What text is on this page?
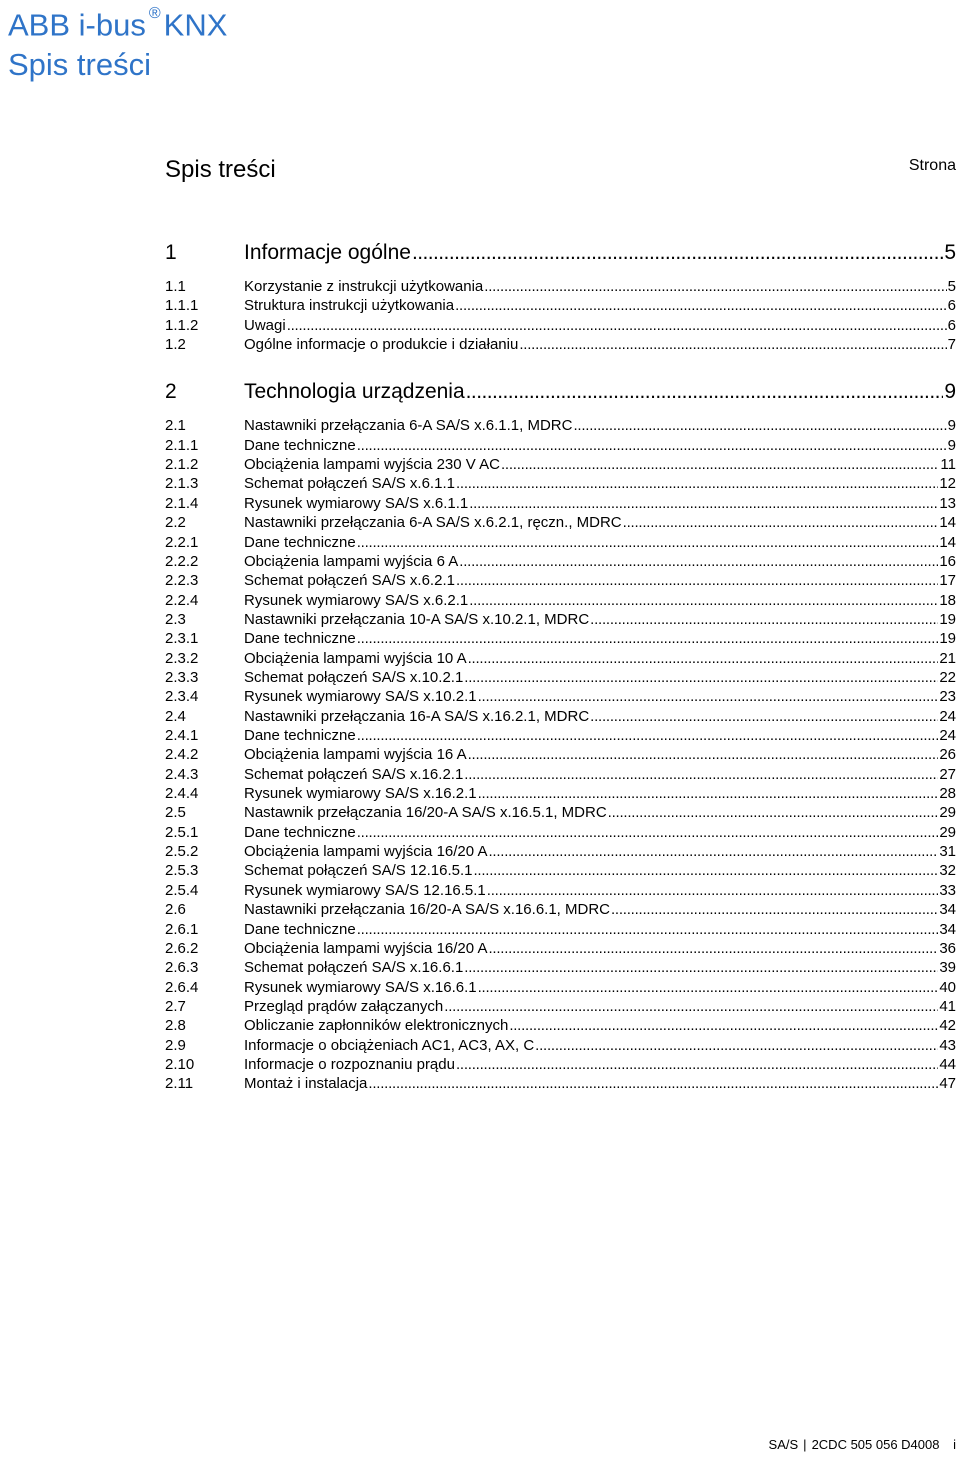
ABB i-bus ®KNX
Spis treści
Spis treści	Strona
1	Informacje ogólne . . .	5
1.1	Korzystanie z instrukcji użytkowania . . .	5
1.1.1	Struktura instrukcji użytkowania . . .	6
1.1.2	Uwagi . . .	6
1.2	Ogólne informacje o produkcie i działaniu . . .	7
2	Technologia urządzenia . . .	9
2.1	Nastawniki przełączania 6-A SA/S x.6.1.1, MDRC . . .	9
2.1.1	Dane techniczne . . .	9
2.1.2	Obciążenia lampami wyjścia 230 V AC . . .	11
2.1.3	Schemat połączeń SA/S x.6.1.1 . . .	12
2.1.4	Rysunek wymiarowy SA/S x.6.1.1 . . .	13
2.2	Nastawniki przełączania 6-A SA/S x.6.2.1, ręczn., MDRC . . .	14
2.2.1	Dane techniczne . . .	14
2.2.2	Obciążenia lampami wyjścia 6 A . . .	16
2.2.3	Schemat połączeń SA/S x.6.2.1 . . .	17
2.2.4	Rysunek wymiarowy SA/S x.6.2.1 . . .	18
2.3	Nastawniki przełączania 10-A SA/S x.10.2.1, MDRC . . .	19
2.3.1	Dane techniczne . . .	19
2.3.2	Obciążenia lampami wyjścia 10 A . . .	21
2.3.3	Schemat połączeń SA/S x.10.2.1 . . .	22
2.3.4	Rysunek wymiarowy SA/S x.10.2.1 . . .	23
2.4	Nastawniki przełączania 16-A SA/S x.16.2.1, MDRC . . .	24
2.4.1	Dane techniczne . . .	24
2.4.2	Obciążenia lampami wyjścia 16 A . . .	26
2.4.3	Schemat połączeń SA/S x.16.2.1 . . .	27
2.4.4	Rysunek wymiarowy SA/S x.16.2.1 . . .	28
2.5	Nastawnik przełączania 16/20-A SA/S x.16.5.1, MDRC . . .	29
2.5.1	Dane techniczne . . .	29
2.5.2	Obciążenia lampami wyjścia 16/20 A . . .	31
2.5.3	Schemat połączeń SA/S 12.16.5.1 . . .	32
2.5.4	Rysunek wymiarowy SA/S 12.16.5.1 . . .	33
2.6	Nastawniki przełączania 16/20-A SA/S x.16.6.1, MDRC . . .	34
2.6.1	Dane techniczne . . .	34
2.6.2	Obciążenia lampami wyjścia 16/20 A . . .	36
2.6.3	Schemat połączeń SA/S x.16.6.1 . . .	39
2.6.4	Rysunek wymiarowy SA/S x.16.6.1 . . .	40
2.7	Przegląd prądów załączanych . . .	41
2.8	Obliczanie zapłonników elektronicznych . . .	42
2.9	Informacje o obciążeniach AC1, AC3, AX, C . . .	43
2.10	Informacje o rozpoznaniu prądu . . .	44
2.11	Montaż i instalacja . . .	47
SA/S | 2CDC 505 056 D4008 i
